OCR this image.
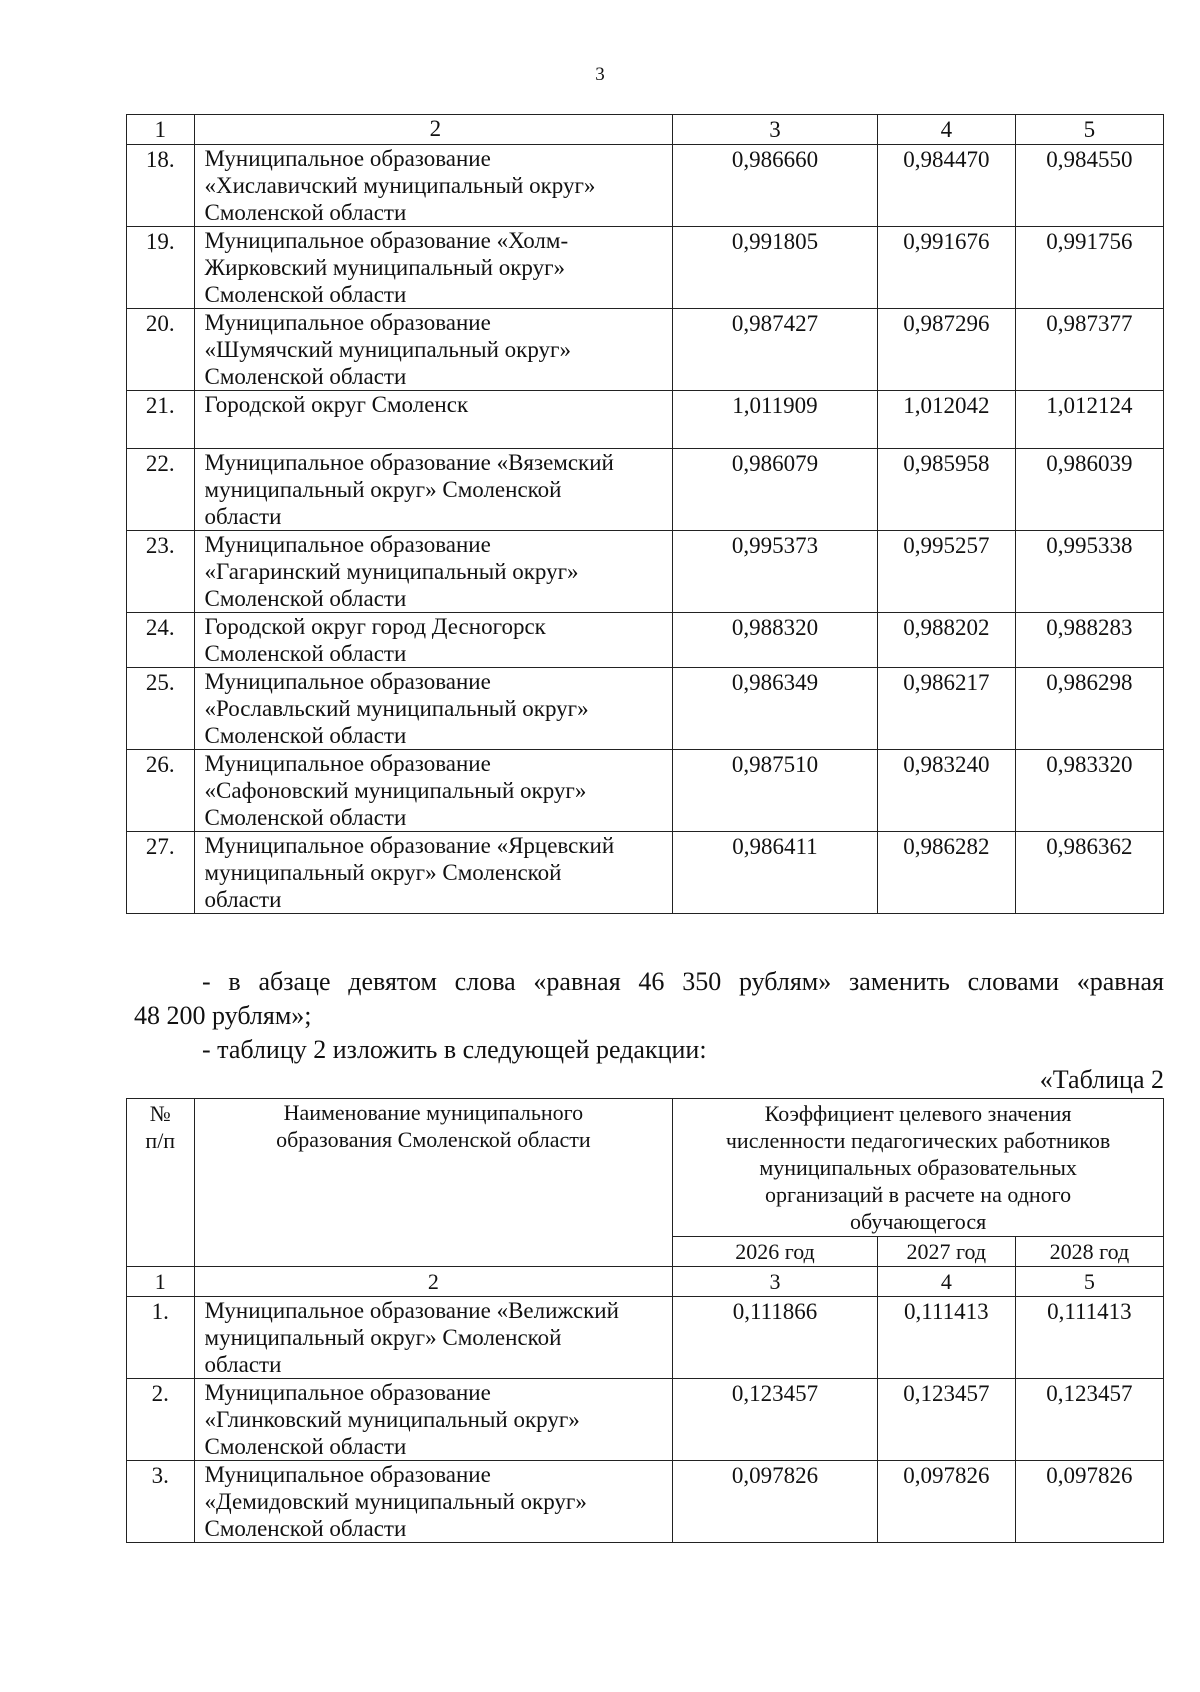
3
1	2	3	4	5
18.	Муниципальное образование
«Хиславичский муниципальный округ»
Смоленской области	0,986660	0,984470	0,984550
19.	Муниципальное образование «Холм-
Жирковский муниципальный округ»
Смоленской области	0,991805	0,991676	0,991756
20.	Муниципальное образование
«Шумячский муниципальный округ»
Смоленской области	0,987427	0,987296	0,987377
21.	Городской округ Смоленск	1,011909	1,012042	1,012124
22.	Муниципальное образование «Вяземский
муниципальный округ» Смоленской
области	0,986079	0,985958	0,986039
23.	Муниципальное образование
«Гагаринский муниципальный округ»
Смоленской области	0,995373	0,995257	0,995338
24.	Городской округ город Десногорск
Смоленской области	0,988320	0,988202	0,988283
25.	Муниципальное образование
«Рославльский муниципальный округ»
Смоленской области	0,986349	0,986217	0,986298
26.	Муниципальное образование
«Сафоновский муниципальный округ»
Смоленской области	0,987510	0,983240	0,983320
27.	Муниципальное образование «Ярцевский
муниципальный округ» Смоленской
области	0,986411	0,986282	0,986362

- в абзаце девятом слова «равная 46 350 рублям» заменить словами «равная

48 200 рублям»;

- таблицу 2 изложить в следующей редакции:

«Таблица 2
№
п/п	Наименование муниципального
образования Смоленской области	Коэффициент целевого значения
численности педагогических работников
муниципальных образовательных
организаций в расчете на одного
обучающегося		
		2026 год	2027 год	2028 год
1	2	3	4	5
1.	Муниципальное образование «Велижский
муниципальный округ» Смоленской
области	0,111866	0,111413	0,111413
2.	Муниципальное образование
«Глинковский муниципальный округ»
Смоленской области	0,123457	0,123457	0,123457
3.	Муниципальное образование
«Демидовский муниципальный округ»
Смоленской области	0,097826	0,097826	0,097826
